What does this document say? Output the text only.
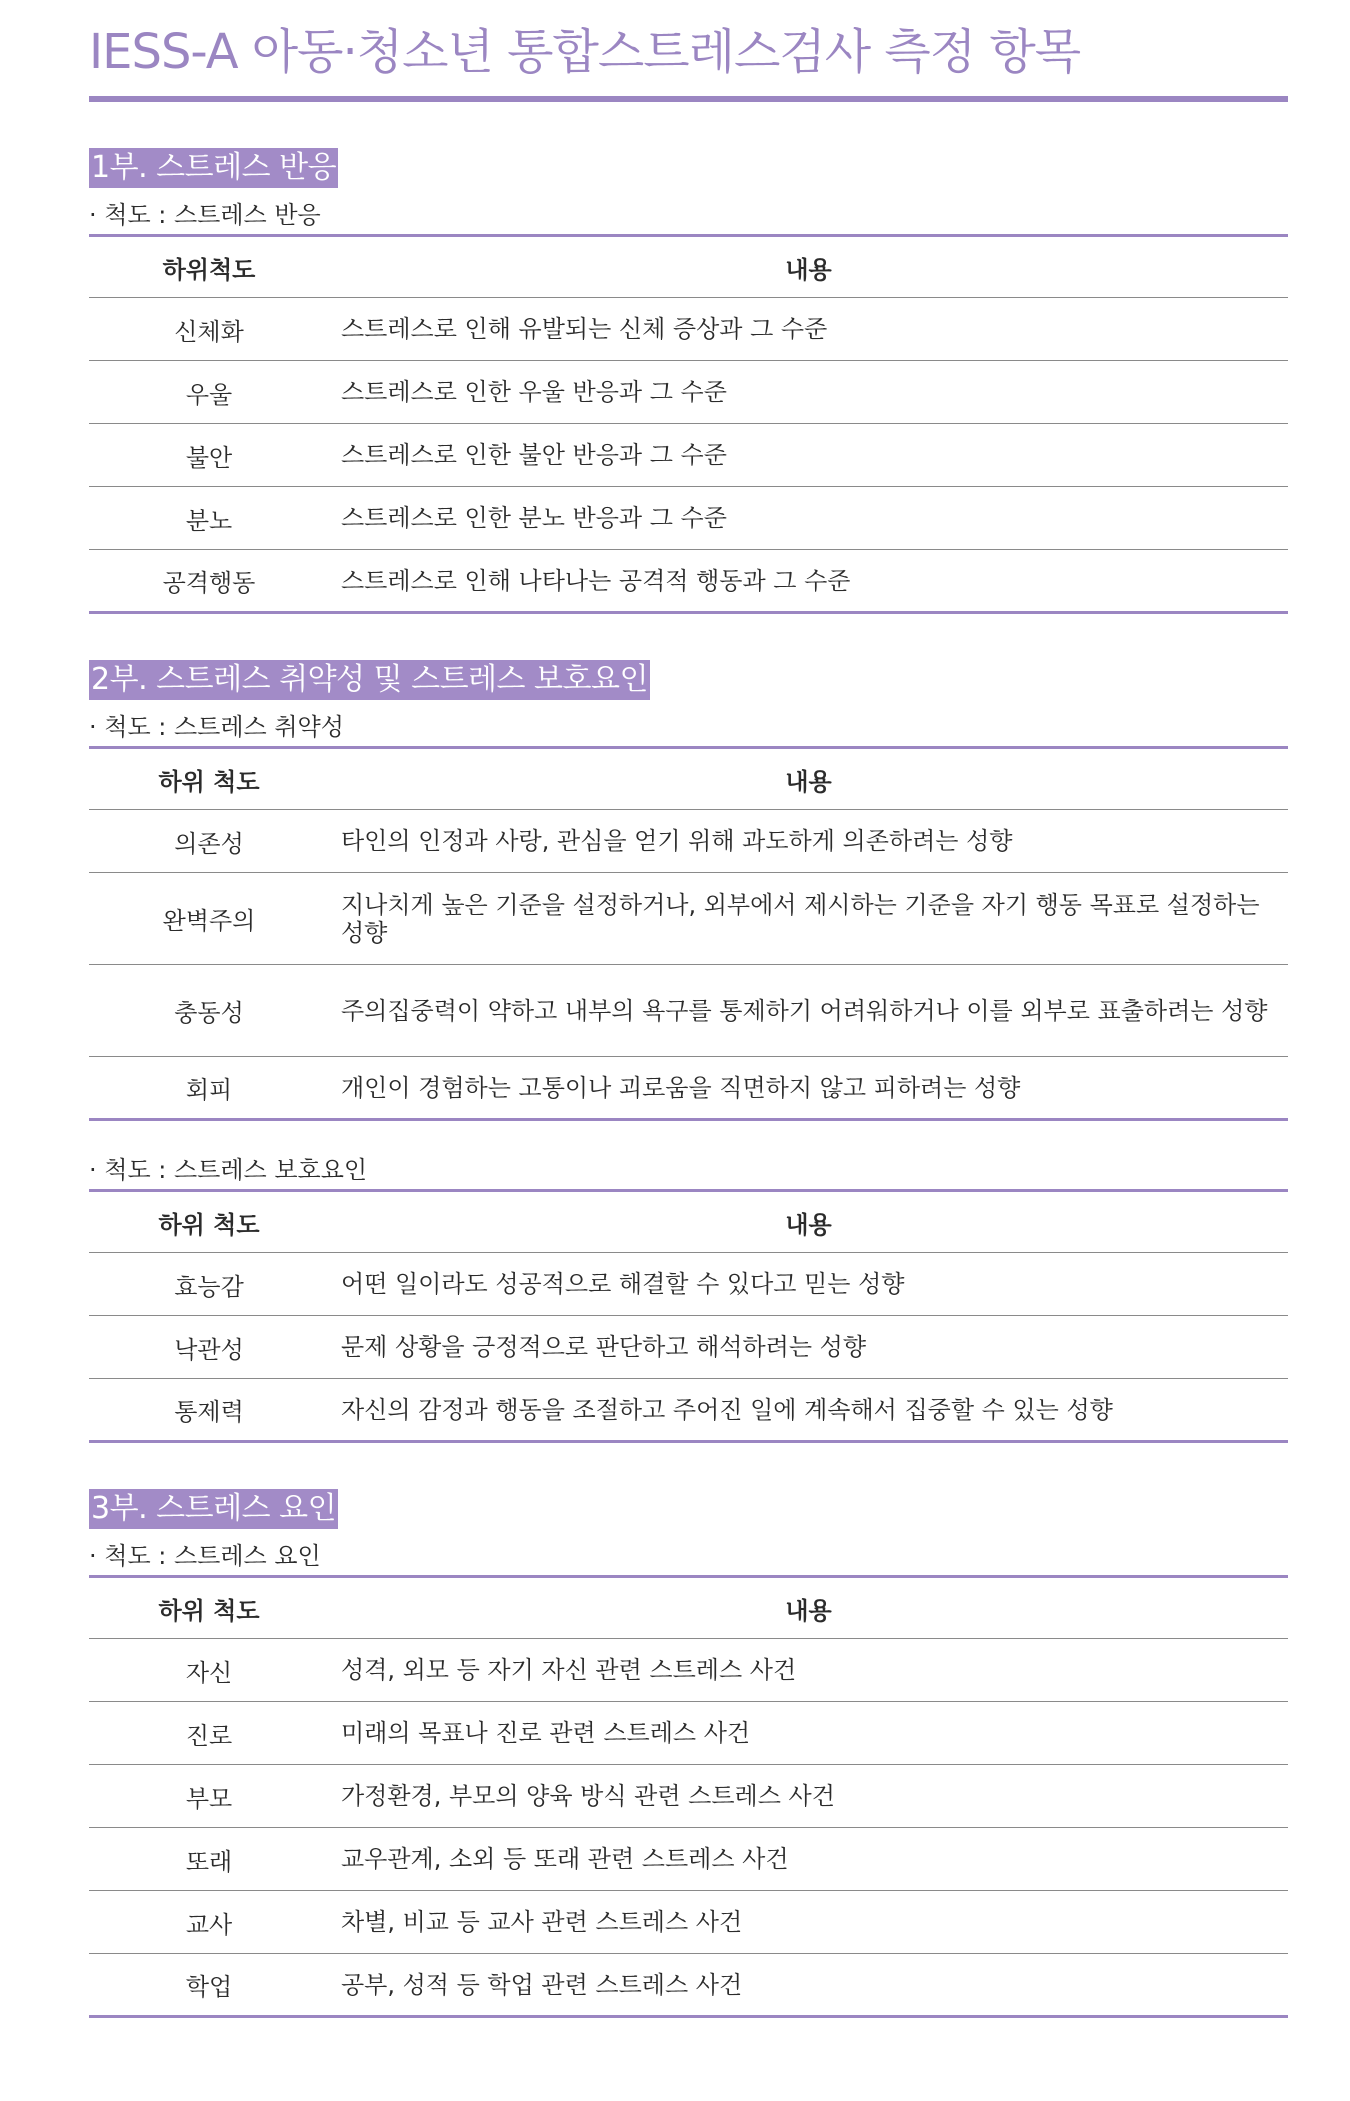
IESS-A 아동·청소년 통합스트레스검사 측정 항목
1부. 스트레스 반응
· 척도 : 스트레스 반응
하위척도	내용
신체화	스트레스로 인해 유발되는 신체 증상과 그 수준
우울	스트레스로 인한 우울 반응과 그 수준
불안	스트레스로 인한 불안 반응과 그 수준
분노	스트레스로 인한 분노 반응과 그 수준
공격행동	스트레스로 인해 나타나는 공격적 행동과 그 수준
2부. 스트레스 취약성 및 스트레스 보호요인
· 척도 : 스트레스 취약성
하위 척도	내용
의존성	타인의 인정과 사랑, 관심을 얻기 위해 과도하게 의존하려는 성향
완벽주의	지나치게 높은 기준을 설정하거나, 외부에서 제시하는 기준을 자기 행동 목표로 설정하는 성향
충동성	주의집중력이 약하고 내부의 욕구를 통제하기 어려워하거나 이를 외부로 표출하려는 성향
회피	개인이 경험하는 고통이나 괴로움을 직면하지 않고 피하려는 성향
· 척도 : 스트레스 보호요인
하위 척도	내용
효능감	어떤 일이라도 성공적으로 해결할 수 있다고 믿는 성향
낙관성	문제 상황을 긍정적으로 판단하고 해석하려는 성향
통제력	자신의 감정과 행동을 조절하고 주어진 일에 계속해서 집중할 수 있는 성향
3부. 스트레스 요인
· 척도 : 스트레스 요인
하위 척도	내용
자신	성격, 외모 등 자기 자신 관련 스트레스 사건
진로	미래의 목표나 진로 관련 스트레스 사건
부모	가정환경, 부모의 양육 방식 관련 스트레스 사건
또래	교우관계, 소외 등 또래 관련 스트레스 사건
교사	차별, 비교 등 교사 관련 스트레스 사건
학업	공부, 성적 등 학업 관련 스트레스 사건
